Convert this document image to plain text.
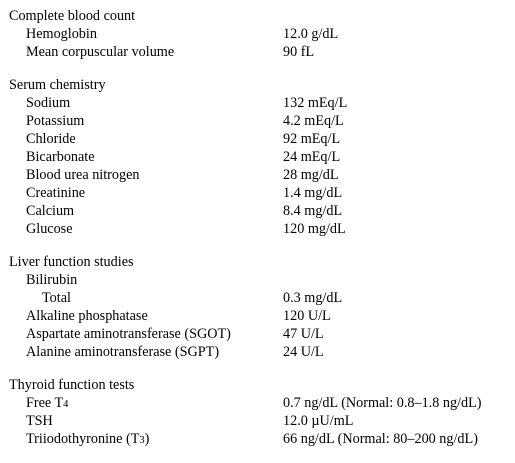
Complete blood count
Hemoglobin	12.0 g/dL
Mean corpuscular volume	90 fL
Serum chemistry
Sodium	132 mEq/L
Potassium	4.2 mEq/L
Chloride	92 mEq/L
Bicarbonate	24 mEq/L
Blood urea nitrogen	28 mg/dL
Creatinine	1.4 mg/dL
Calcium	8.4 mg/dL
Glucose	120 mg/dL
Liver function studies
Bilirubin
Total	0.3 mg/dL
Alkaline phosphatase	120 U/L
Aspartate aminotransferase (SGOT)	47 U/L
Alanine aminotransferase (SGPT)	24 U/L
Thyroid function tests
Free T4	0.7 ng/dL (Normal: 0.8–1.8 ng/dL)
TSH	12.0 µU/mL
Triiodothyronine (T3)	66 ng/dL (Normal: 80–200 ng/dL)
